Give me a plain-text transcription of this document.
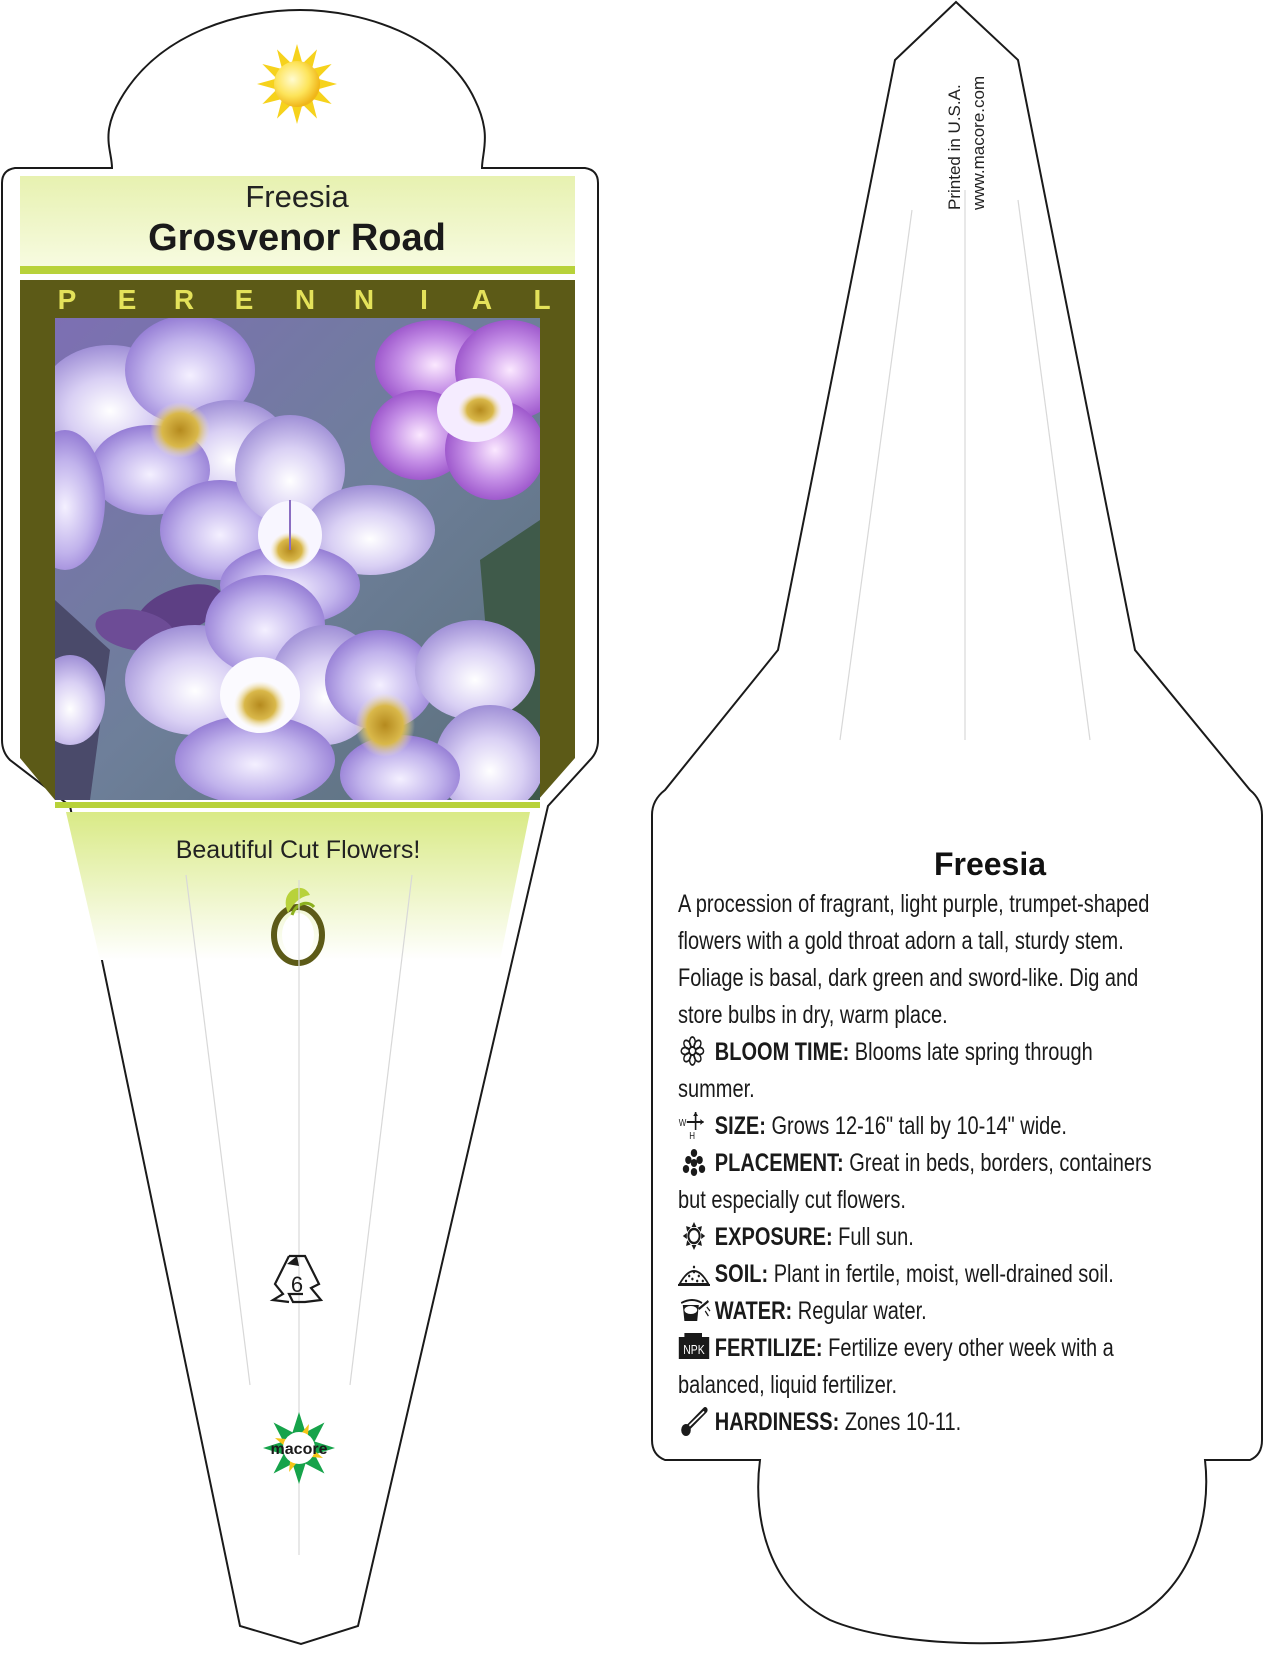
Freesia
Grosvenor Road
P E R E N N I A L
Beautiful Cut Flowers!
6
macore
Printed in U.S.A. www.macore.com
Freesia
A procession of fragrant, light purple, trumpet-shaped
flowers with a gold throat adorn a tall, sturdy stem.
Foliage is basal, dark green and sword-like. Dig and
store bulbs in dry, warm place.
BLOOM TIME: Blooms late spring through
summer.
W
H SIZE: Grows 12-16" tall by 10-14" wide.
PLACEMENT: Great in beds, borders, containers
but especially cut flowers.
EXPOSURE: Full sun.
SOIL: Plant in fertile, moist, well-drained soil.
WATER: Regular water.
NPK FERTILIZE: Fertilize every other week with a
balanced, liquid fertilizer.
HARDINESS: Zones 10-11.
